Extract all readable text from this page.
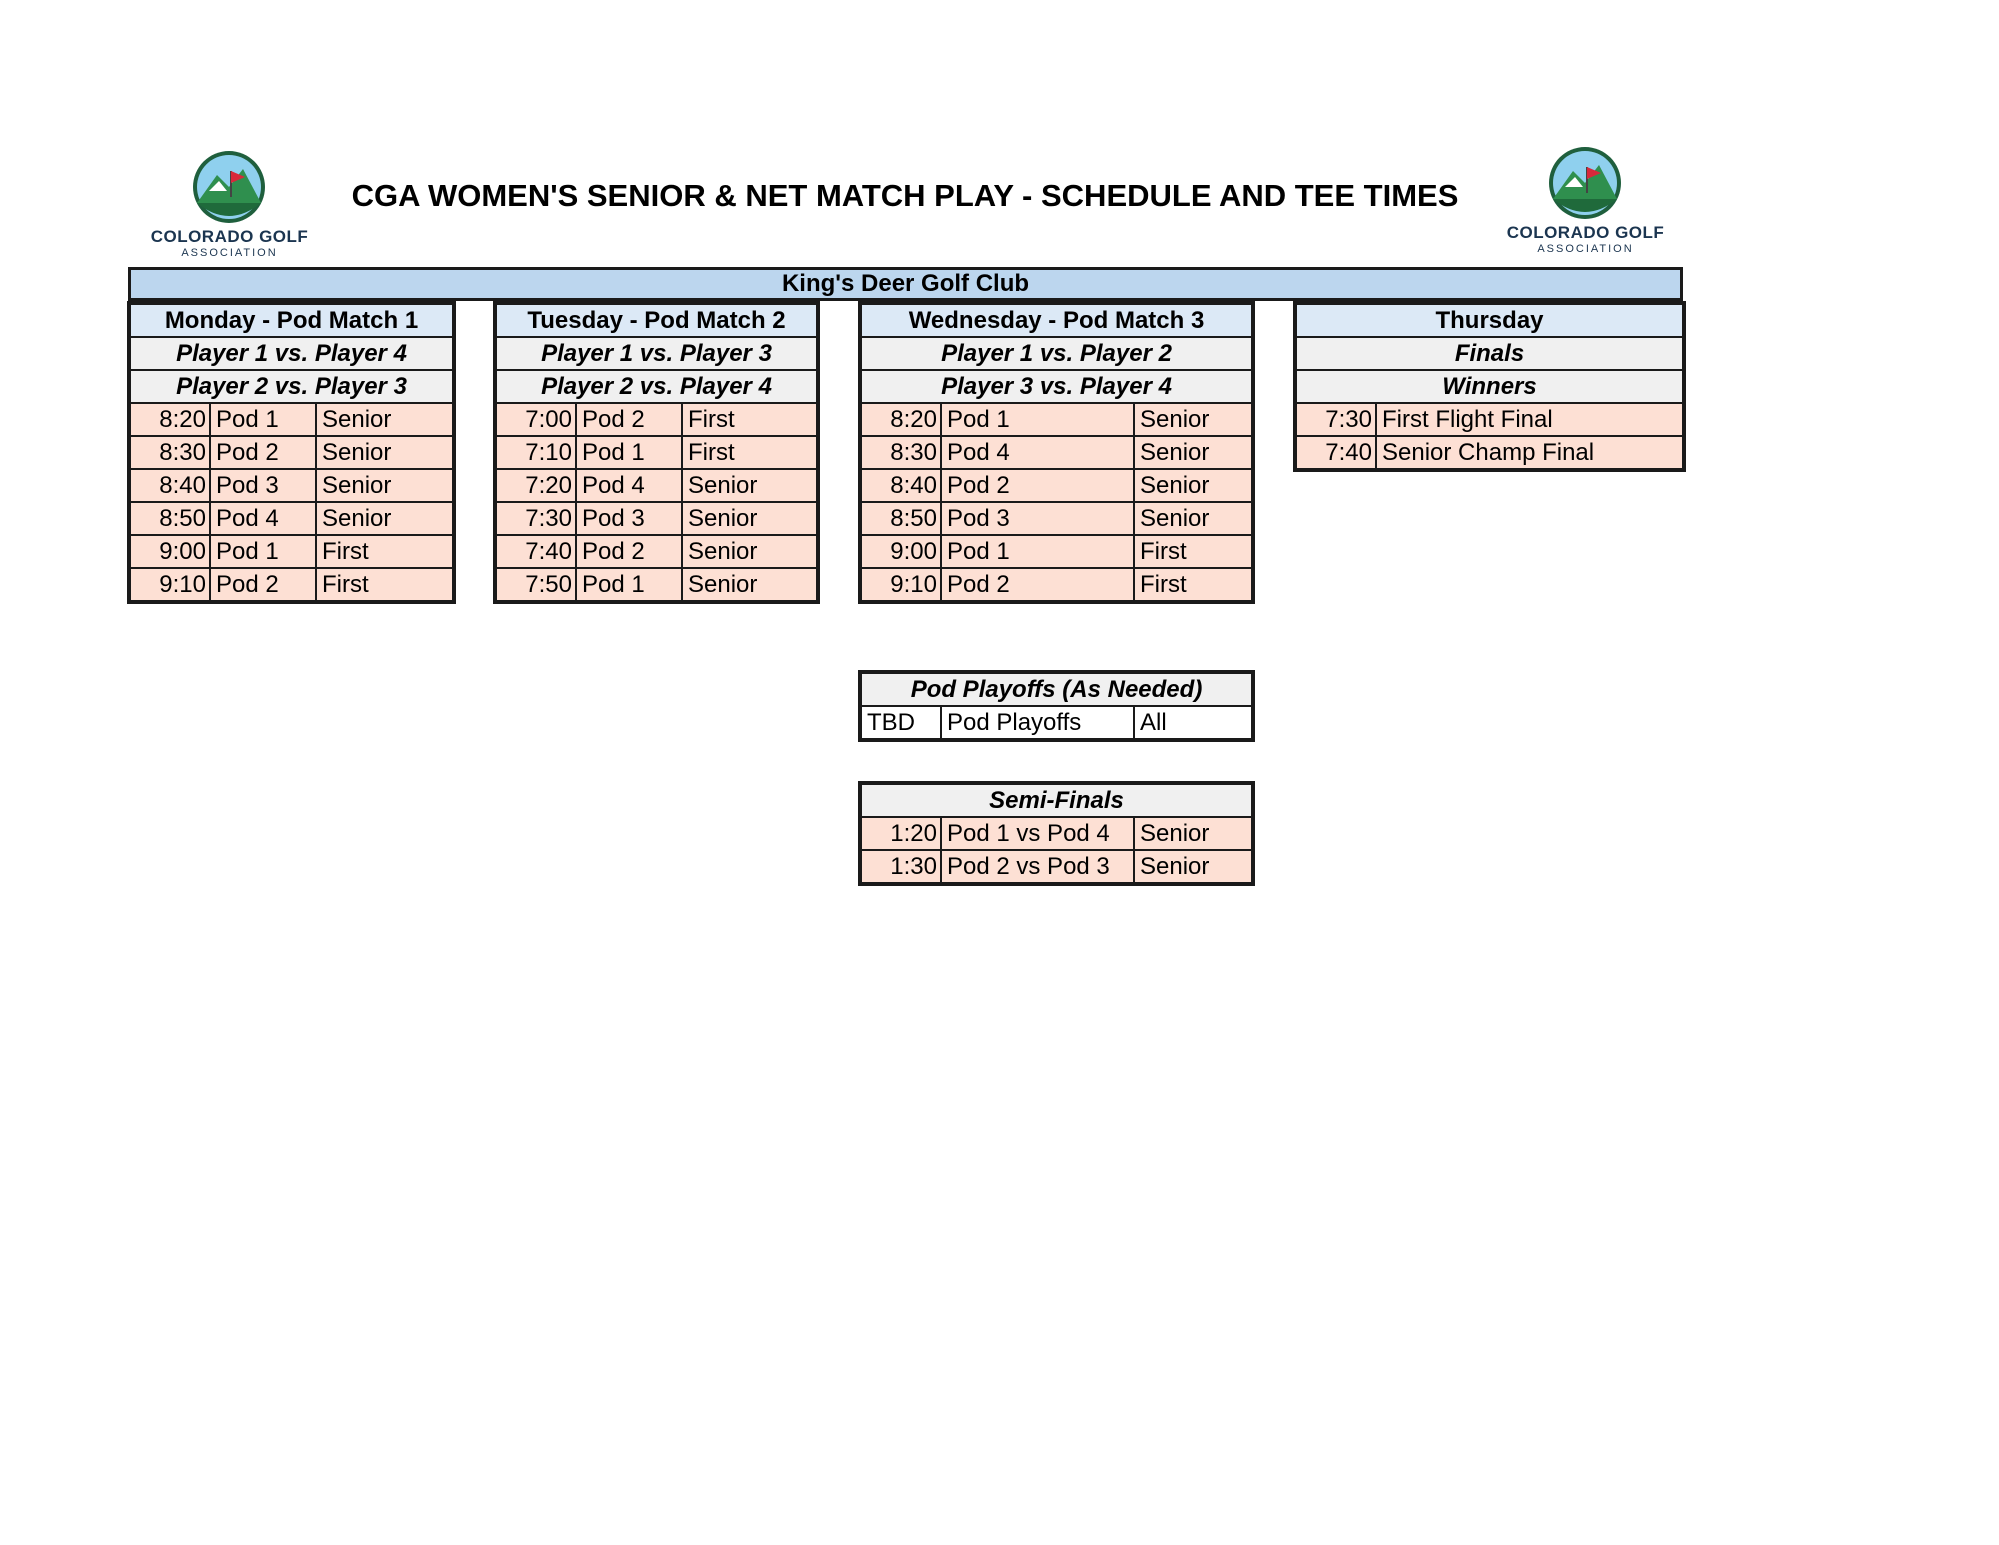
COLORADO GOLF
ASSOCIATION
CGA WOMEN'S SENIOR & NET MATCH PLAY - SCHEDULE AND TEE TIMES
COLORADO GOLF
ASSOCIATION
King's Deer Golf Club
Monday - Pod Match 1		
Player 1 vs. Player 4		
Player 2 vs. Player 3		
8:20	Pod 1	Senior
8:30	Pod 2	Senior
8:40	Pod 3	Senior
8:50	Pod 4	Senior
9:00	Pod 1	First
9:10	Pod 2	First
Tuesday - Pod Match 2		
Player 1 vs. Player 3		
Player 2 vs. Player 4		
7:00	Pod 2	First
7:10	Pod 1	First
7:20	Pod 4	Senior
7:30	Pod 3	Senior
7:40	Pod 2	Senior
7:50	Pod 1	Senior
Wednesday - Pod Match 3		
Player 1 vs. Player 2		
Player 3 vs. Player 4		
8:20	Pod 1	Senior
8:30	Pod 4	Senior
8:40	Pod 2	Senior
8:50	Pod 3	Senior
9:00	Pod 1	First
9:10	Pod 2	First
Thursday	
Finals	
Winners	
7:30	First Flight Final
7:40	Senior Champ Final
Pod Playoffs (As Needed)
TBD	Pod Playoffs	All
Semi-Finals		
1:20	Pod 1 vs Pod 4	Senior
1:30	Pod 2 vs Pod 3	Senior
